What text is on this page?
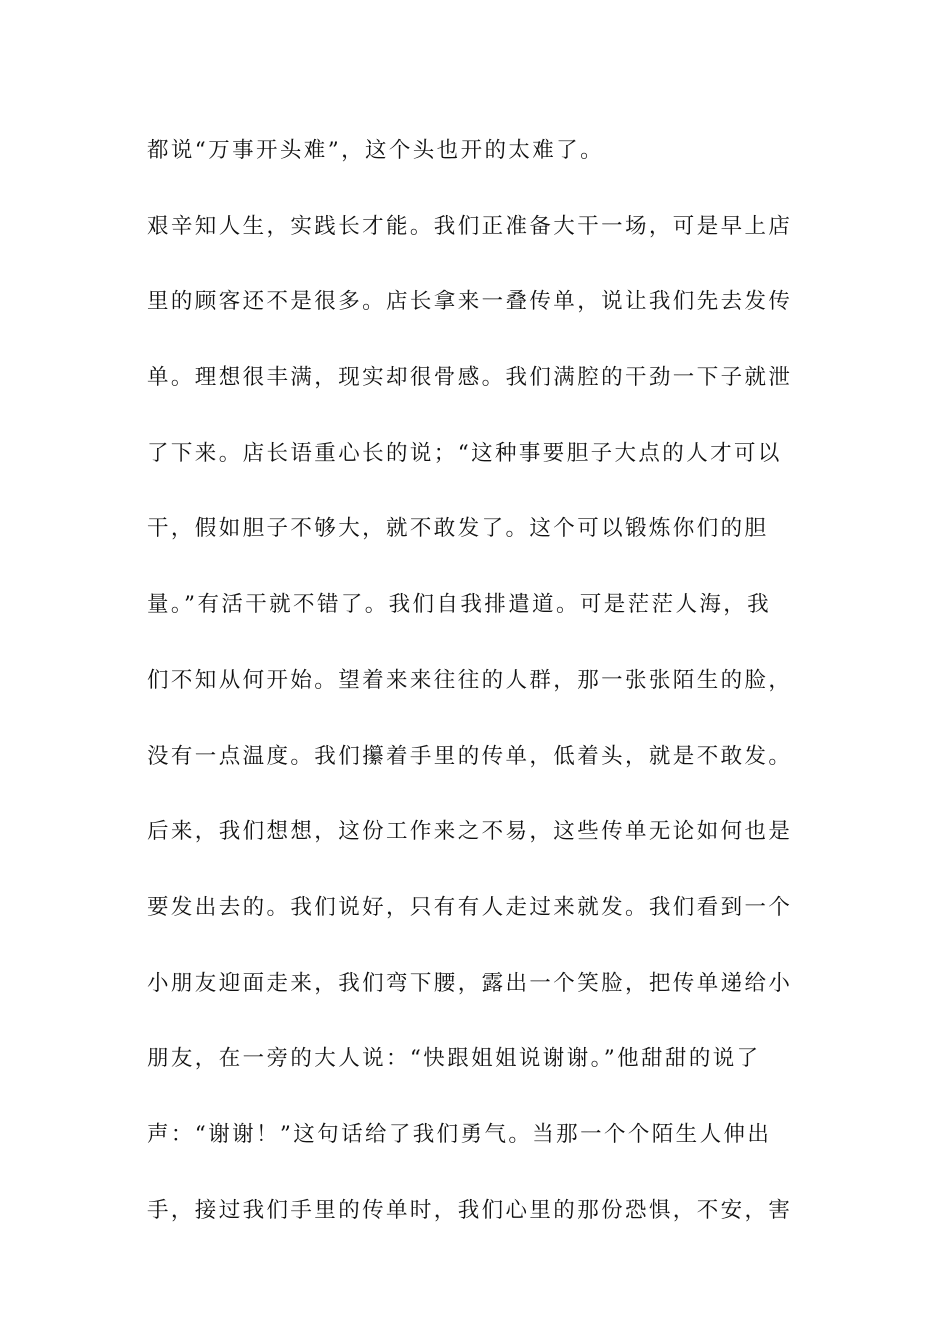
都说“万事开头难”，这个头也开的太难了。
艰辛知人生，实践长才能。我们正准备大干一场，可是早上店
里的顾客还不是很多。店长拿来一叠传单，说让我们先去发传
单。理想很丰满，现实却很骨感。我们满腔的干劲一下子就泄
了下来。店长语重心长的说；“这种事要胆子大点的人才可以
干，假如胆子不够大，就不敢发了。这个可以锻炼你们的胆
量。”有活干就不错了。我们自我排遣道。可是茫茫人海，我
们不知从何开始。望着来来往往的人群，那一张张陌生的脸，
没有一点温度。我们攥着手里的传单，低着头，就是不敢发。
后来，我们想想，这份工作来之不易，这些传单无论如何也是
要发出去的。我们说好，只有有人走过来就发。我们看到一个
小朋友迎面走来，我们弯下腰，露出一个笑脸，把传单递给小
朋友，在一旁的大人说：“快跟姐姐说谢谢。”他甜甜的说了
声：“谢谢！”这句话给了我们勇气。当那一个个陌生人伸出
手，接过我们手里的传单时，我们心里的那份恐惧，不安，害
